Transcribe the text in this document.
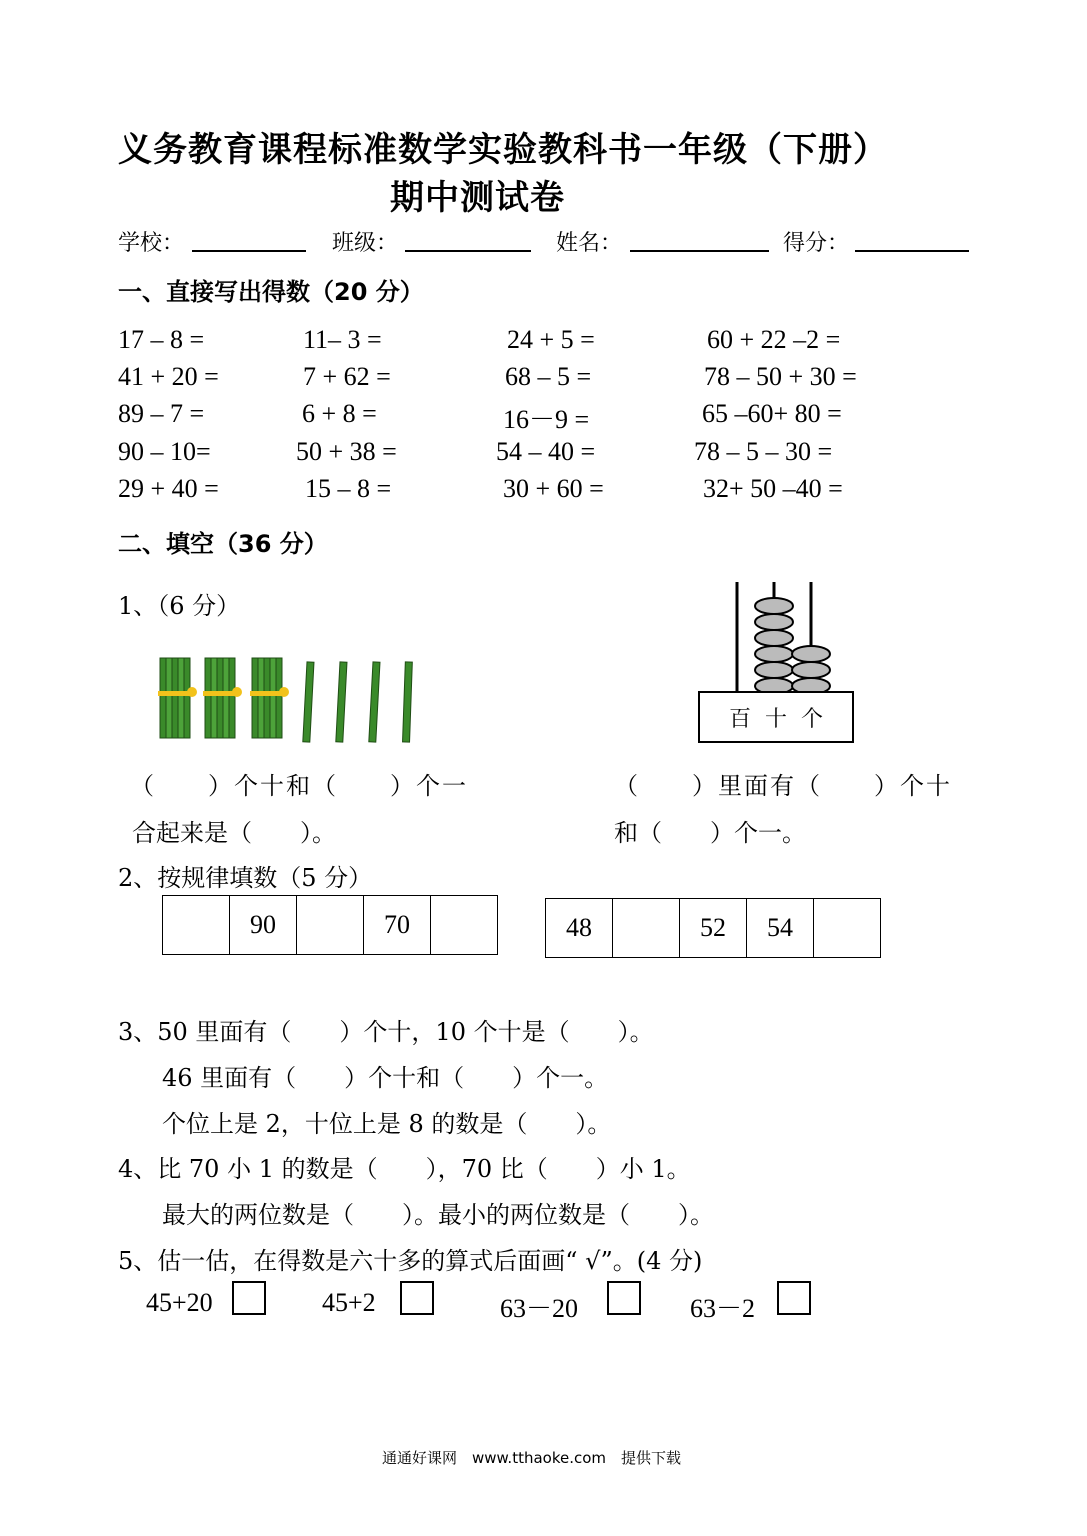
义务教育课程标准数学实验教科书一年级（下册）
期中测试卷
学校：	班级：	姓名：	得分：
一、直接写出得数（20 分）
17 – 8 =	11– 3 =	24 + 5 =	60 + 22 –2 =
41 + 20 =	7 + 62 =	68 – 5 =	78 – 50 + 30 =
89 – 7 =	6 + 8 =	16－9 =	65 –60+ 80 =
90 – 10=	50 + 38 =	54 – 40 =	78 – 5 – 30 =
29 + 40 =	15 – 8 =	30 + 60 =	32+ 50 –40 =
二、填空（36 分）
1、（6 分）
百 十 个
（　　）个十和（　　）个一
合起来是（　　）。
（　　）里面有（　　）个十
和（　　）个一。
2、按规律填数（5 分）
	90		70		48		52	54	
3、50 里面有（　　）个十，10 个十是（　　）。
46 里面有（　　）个十和（　　）个一。
个位上是 2，十位上是 8 的数是（　　）。
4、比 70 小 1 的数是（　　），70 比（　　）小 1。
最大的两位数是（　　）。最小的两位数是（　　）。
5、估一估，在得数是六十多的算式后面画“ √”。(4 分)
45+20	45+2	63－20	63－2
通通好课网　www.tthaoke.com　提供下载
